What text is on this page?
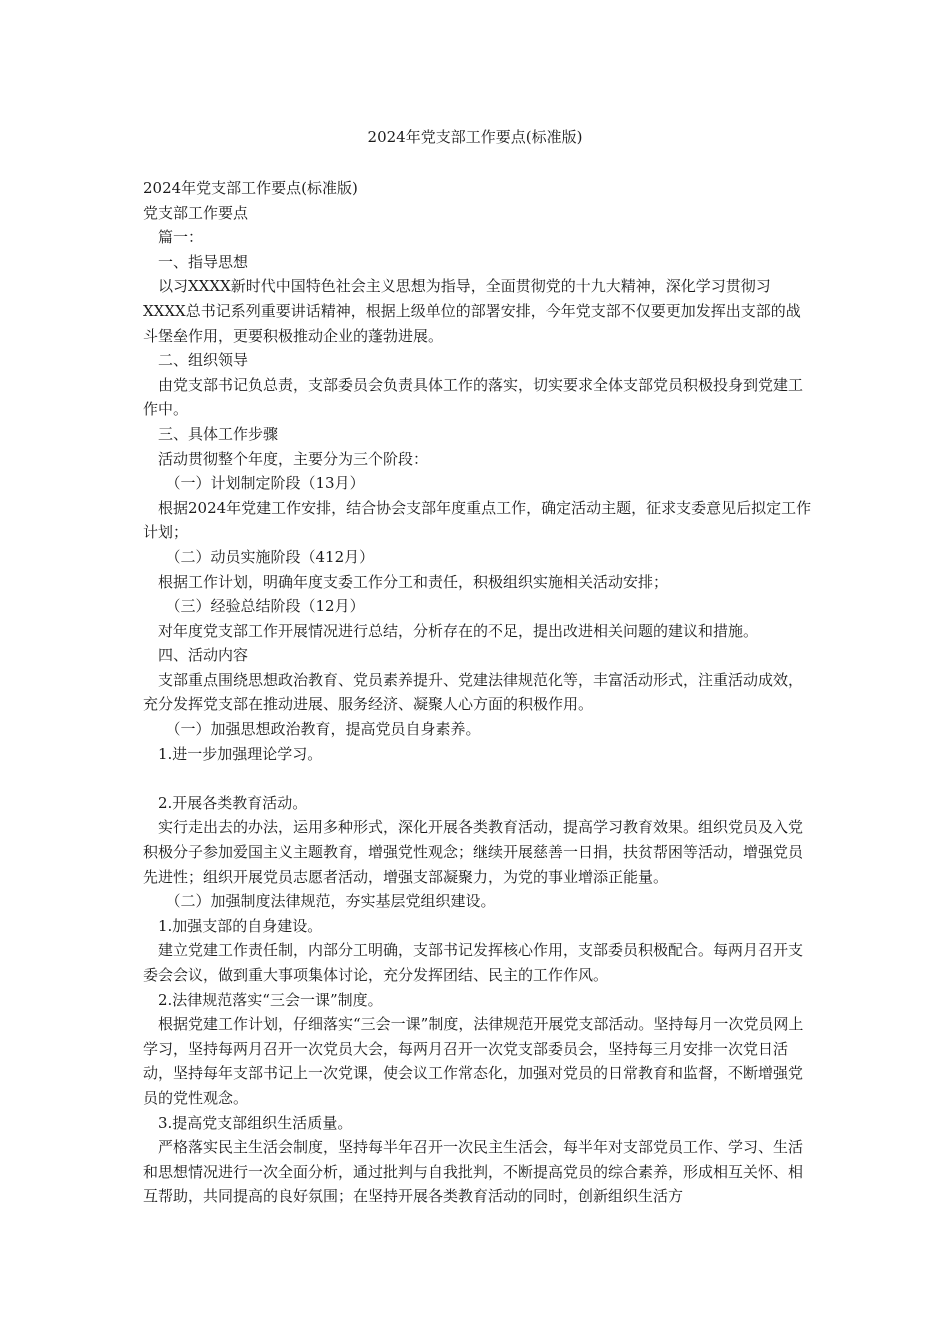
2024年党支部工作要点(标准版)

2024年党支部工作要点(标准版)

党支部工作要点

篇一：

一、指导思想

以习XXXX新时代中国特色社会主义思想为指导，全面贯彻党的十九大精神，深化学习贯彻习XXXX总书记系列重要讲话精神，根据上级单位的部署安排，今年党支部不仅要更加发挥出支部的战斗堡垒作用，更要积极推动企业的蓬勃进展。

二、组织领导

由党支部书记负总责，支部委员会负责具体工作的落实，切实要求全体支部党员积极投身到党建工作中。

三、具体工作步骤

活动贯彻整个年度，主要分为三个阶段：

（一）计划制定阶段（13月）

根据2024年党建工作安排，结合协会支部年度重点工作，确定活动主题，征求支委意见后拟定工作计划；

（二）动员实施阶段（412月）

根据工作计划，明确年度支委工作分工和责任，积极组织实施相关活动安排；

（三）经验总结阶段（12月）

对年度党支部工作开展情况进行总结，分析存在的不足，提出改进相关问题的建议和措施。

四、活动内容

支部重点围绕思想政治教育、党员素养提升、党建法律规范化等，丰富活动形式，注重活动成效，充分发挥党支部在推动进展、服务经济、凝聚人心方面的积极作用。

（一）加强思想政治教育，提高党员自身素养。

1.进一步加强理论学习。

2.开展各类教育活动。

实行走出去的办法，运用多种形式，深化开展各类教育活动，提高学习教育效果。组织党员及入党积极分子参加爱国主义主题教育，增强党性观念；继续开展慈善一日捐，扶贫帮困等活动，增强党员先进性；组织开展党员志愿者活动，增强支部凝聚力，为党的事业增添正能量。

（二）加强制度法律规范，夯实基层党组织建设。

1.加强支部的自身建设。

建立党建工作责任制，内部分工明确，支部书记发挥核心作用，支部委员积极配合。每两月召开支委会会议，做到重大事项集体讨论，充分发挥团结、民主的工作作风。

2.法律规范落实“三会一课”制度。

根据党建工作计划，仔细落实“三会一课”制度，法律规范开展党支部活动。坚持每月一次党员网上学习，坚持每两月召开一次党员大会，每两月召开一次党支部委员会，坚持每三月安排一次党日活动，坚持每年支部书记上一次党课，使会议工作常态化，加强对党员的日常教育和监督，不断增强党员的党性观念。

3.提高党支部组织生活质量。

严格落实民主生活会制度，坚持每半年召开一次民主生活会，每半年对支部党员工作、学习、生活和思想情况进行一次全面分析，通过批判与自我批判，不断提高党员的综合素养，形成相互关怀、相互帮助，共同提高的良好氛围；在坚持开展各类教育活动的同时，创新组织生活方
